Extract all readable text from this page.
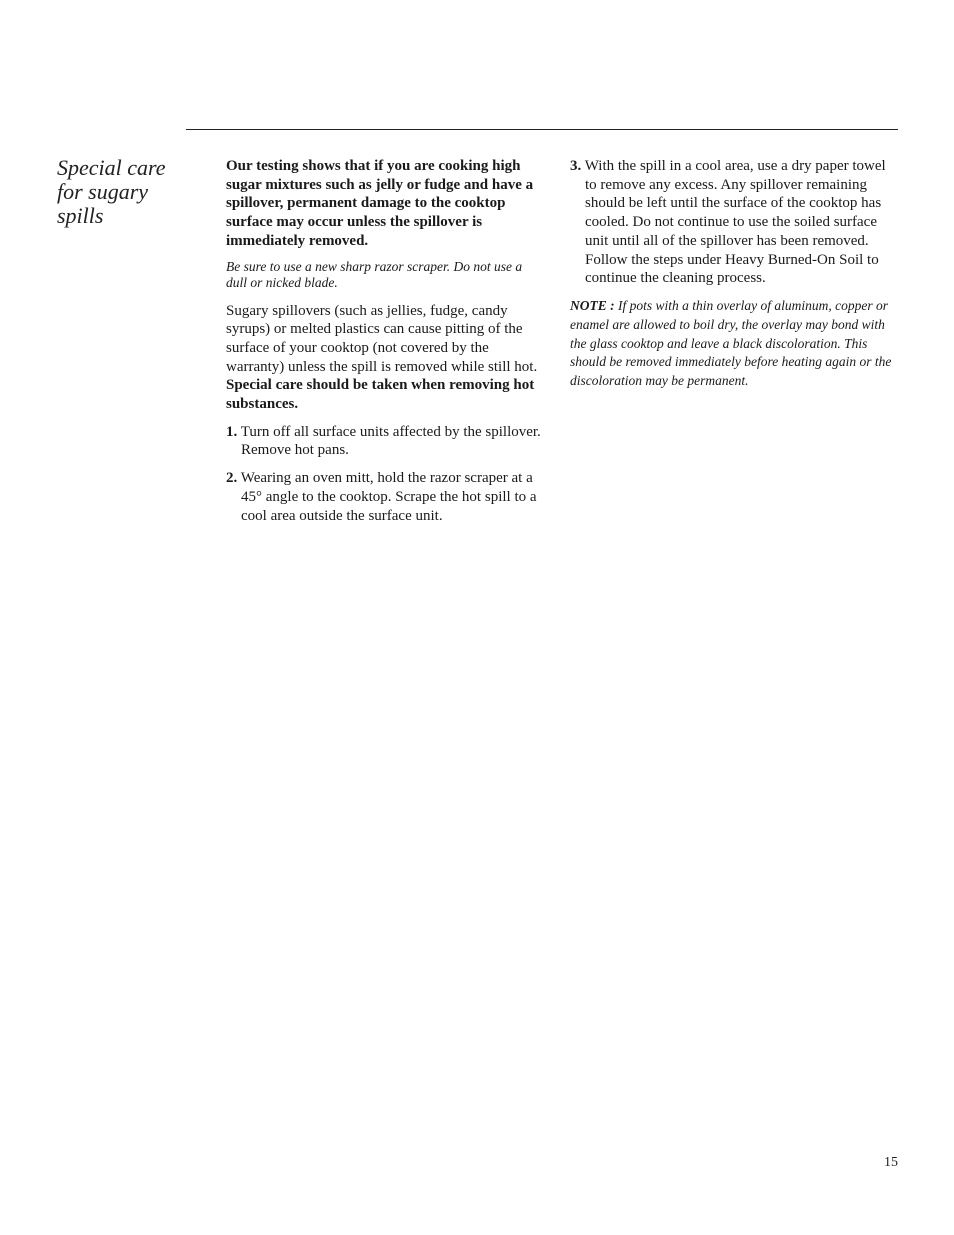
Special care for sugary spills

Our testing shows that if you are cooking high sugar mixtures such as jelly or fudge and have a spillover, permanent damage to the cooktop surface may occur unless the spillover is immediately removed.

Be sure to use a new sharp razor scraper. Do not use a dull or nicked blade.

Sugary spillovers (such as jellies, fudge, candy syrups) or melted plastics can cause pitting of the surface of your cooktop (not covered by the warranty) unless the spill is removed while still hot. Special care should be taken when removing hot substances.

1. Turn off all surface units affected by the spillover. Remove hot pans.

2. Wearing an oven mitt, hold the razor scraper at a 45° angle to the cooktop. Scrape the hot spill to a cool area outside the surface unit.

3. With the spill in a cool area, use a dry paper towel to remove any excess. Any spillover remaining should be left until the surface of the cooktop has cooled. Do not continue to use the soiled surface unit until all of the spillover has been removed. Follow the steps under Heavy Burned-On Soil to continue the cleaning process.

NOTE : If pots with a thin overlay of aluminum, copper or enamel are allowed to boil dry, the overlay may bond with the glass cooktop and leave a black discoloration. This should be removed immediately before heating again or the discoloration may be permanent.

15
